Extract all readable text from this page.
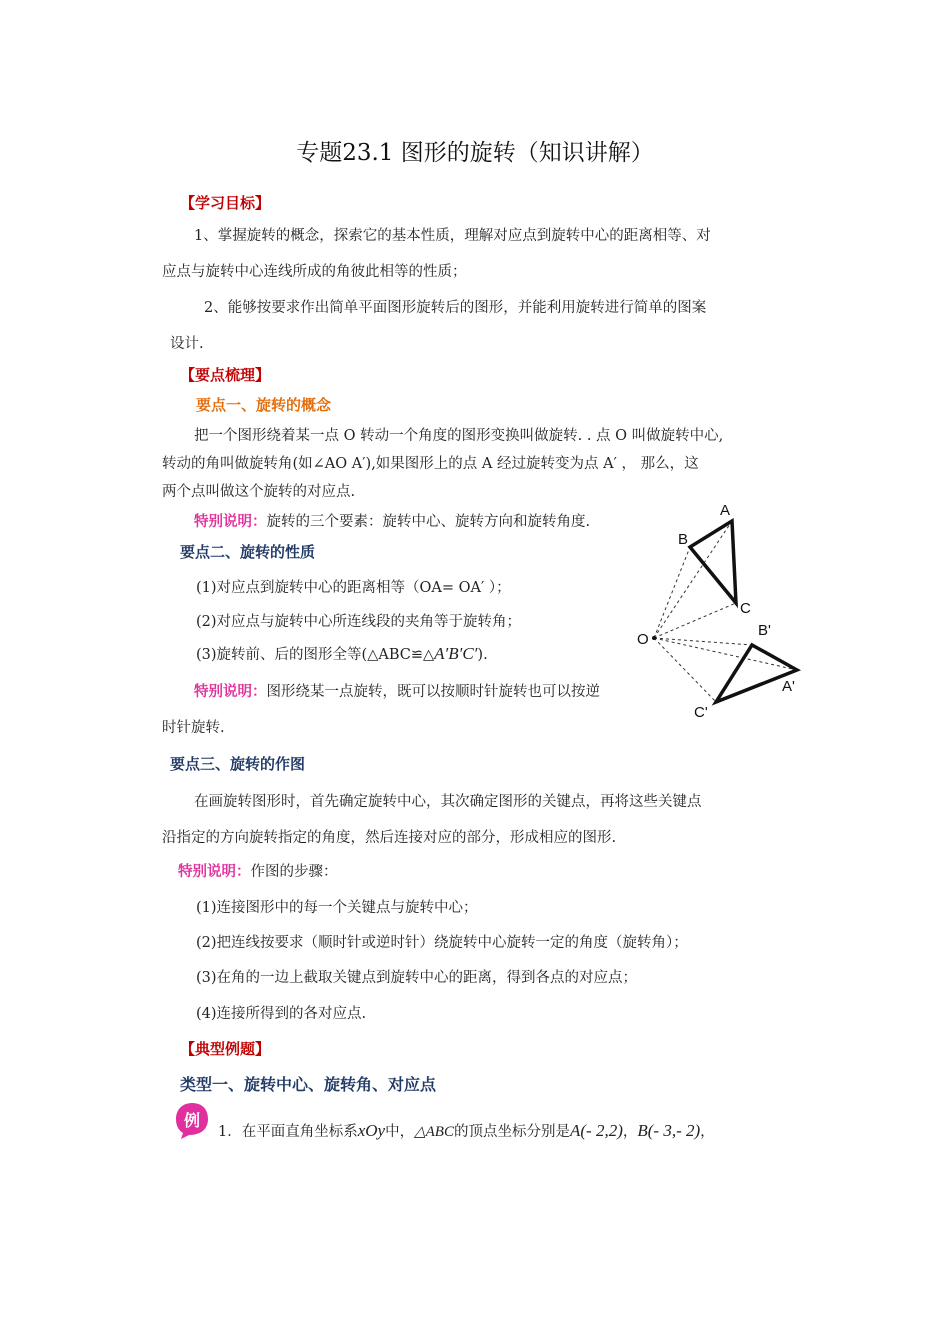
专题23.1 图形的旋转（知识讲解）
【学习目标】
1、掌握旋转的概念，探索它的基本性质，理解对应点到旋转中心的距离相等、对
应点与旋转中心连线所成的角彼此相等的性质；
2、能够按要求作出简单平面图形旋转后的图形，并能利用旋转进行简单的图案
设计.
【要点梳理】
要点一、旋转的概念
把一个图形绕着某一点 O 转动一个角度的图形变换叫做旋转. . 点 O 叫做旋转中心,
转动的角叫做旋转角(如∠AO A′),如果图形上的点 A 经过旋转变为点 A′ ， 那么，这
两个点叫做这个旋转的对应点.
特别说明：旋转的三个要素：旋转中心、旋转方向和旋转角度.
要点二、旋转的性质
(1)对应点到旋转中心的距离相等（OA= OA′ ）；
(2)对应点与旋转中心所连线段的夹角等于旋转角；
(3)旋转前、后的图形全等(△ABC≌△A′B′C′).
特别说明：图形绕某一点旋转，既可以按顺时针旋转也可以按逆
时针旋转.
A
B
C
O
B'
A'
C'
要点三、旋转的作图
在画旋转图形时，首先确定旋转中心，其次确定图形的关键点，再将这些关键点
沿指定的方向旋转指定的角度，然后连接对应的部分，形成相应的图形.
特别说明：作图的步骤：
(1)连接图形中的每一个关键点与旋转中心；
(2)把连线按要求（顺时针或逆时针）绕旋转中心旋转一定的角度（旋转角）；
(3)在角的一边上截取关键点到旋转中心的距离，得到各点的对应点；
(4)连接所得到的各对应点.
【典型例题】
类型一、旋转中心、旋转角、对应点
例
1．在平面直角坐标系xOy中，△ABC的顶点坐标分别是A(- 2,2)，B(- 3,- 2)，
